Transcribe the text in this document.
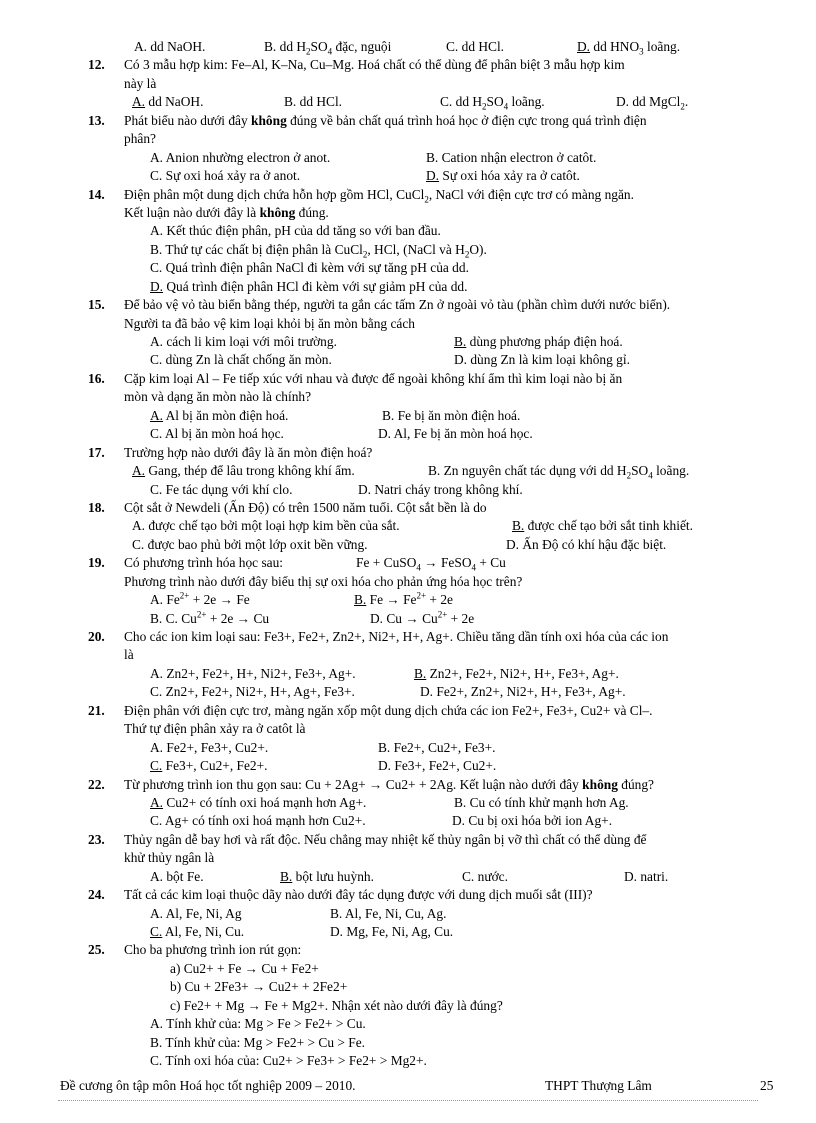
A. dd NaOH.	B. dd $H_2SO_4$ đặc, nguội	C. dd HCl.	D. dd $HNO_3$ loãng.
12. Có 3 mẫu hợp kim: Fe–Al, K–Na, Cu–Mg. Hoá chất có thể dùng để phân biệt 3 mẫu hợp kim
này là
A. dd NaOH.	B. dd HCl.	C. dd $H_2SO_4$ loãng.	D. dd MgCl$_2$.
13. Phát biểu nào dưới đây không đúng về bản chất quá trình hoá học ở điện cực trong quá trình điện
phân?
A. Anion nhường electron ở anot.	B. Cation nhận electron ở catôt.
C. Sự oxi hoá xảy ra ở anot.	D. Sự oxi hóa xảy ra ở catôt.
14. Điện phân một dung dịch chứa hỗn hợp gồm HCl, CuCl$_2$, NaCl với điện cực trơ có màng ngăn.
Kết luận nào dưới đây là không đúng.
A. Kết thúc điện phân, pH của dd tăng so với ban đầu.
B. Thứ tự các chất bị điện phân là CuCl$_2$, HCl, (NaCl và $H_2O$).
C. Quá trình điện phân NaCl đi kèm với sự tăng pH của dd.
D. Quá trình điện phân HCl đi kèm với sự giảm pH của dd.
15. Để bảo vệ vỏ tàu biển bằng thép, người ta gắn các tấm Zn ở ngoài vỏ tàu (phần chìm dưới nước biển).
Người ta đã bảo vệ kim loại khỏi bị ăn mòn bằng cách
A. cách li kim loại với môi trường.	B. dùng phương pháp điện hoá.
C. dùng Zn là chất chống ăn mòn.	D. dùng Zn là kim loại không gỉ.
16. Cặp kim loại Al – Fe tiếp xúc với nhau và được để ngoài không khí ẩm thì kim loại nào bị ăn
mòn và dạng ăn mòn nào là chính?
A. Al bị ăn mòn điện hoá.	B. Fe bị ăn mòn điện hoá.
C. Al bị ăn mòn hoá học.	D. Al, Fe bị ăn mòn hoá học.
17. Trường hợp nào dưới đây là ăn mòn điện hoá?
A. Gang, thép để lâu trong không khí ẩm.	B. Zn nguyên chất tác dụng với dd $H_2SO_4$ loãng.
C. Fe tác dụng với khí clo.	D. Natri cháy trong không khí.
18. Cột sắt ở Newdeli (Ấn Độ) có trên 1500 năm tuổi. Cột sắt bền là do
A. được chế tạo bởi một loại hợp kim bền của sắt.	B. được chế tạo bởi sắt tinh khiết.
C. được bao phủ bởi một lớp oxit bền vững.	D. Ấn Độ có khí hậu đặc biệt.
19. Có phương trình hóa học sau:	Fe + CuSO$_4$ → FeSO$_4$ + Cu
Phương trình nào dưới đây biểu thị sự oxi hóa cho phản ứng hóa học trên?
A. $Fe^{2+} + 2e \to Fe$	B. $Fe \to Fe^{2+} + 2e$
B. C. $Cu^{2+} + 2e \to Cu$	D. $Cu \to Cu^{2+} + 2e$
20. Cho các ion kim loại sau: Fe3+, Fe2+, Zn2+, Ni2+, H+, Ag+. Chiều tăng dần tính oxi hóa của các ion
là
A. Zn2+, Fe2+, H+, Ni2+, Fe3+, Ag+.	B. Zn2+, Fe2+, Ni2+, H+, Fe3+, Ag+.
C. Zn2+, Fe2+, Ni2+, H+, Ag+, Fe3+.	D. Fe2+, Zn2+, Ni2+, H+, Fe3+, Ag+.
21. Điện phân với điện cực trơ, màng ngăn xốp một dung dịch chứa các ion Fe2+, Fe3+, Cu2+ và Cl–.
Thứ tự điện phân xảy ra ở catôt là
A. Fe2+, Fe3+, Cu2+.	B. Fe2+, Cu2+, Fe3+.
C. Fe3+, Cu2+, Fe2+.	D. Fe3+, Fe2+, Cu2+.
22. Từ phương trình ion thu gọn sau: Cu + 2Ag+ → Cu2+ + 2Ag. Kết luận nào dưới đây không đúng?
A. Cu2+ có tính oxi hoá mạnh hơn Ag+.	B. Cu có tính khử mạnh hơn Ag.
C. Ag+ có tính oxi hoá mạnh hơn Cu2+.	D. Cu bị oxi hóa bởi ion Ag+.
23. Thủy ngân dễ bay hơi và rất độc. Nếu chẳng may nhiệt kế thủy ngân bị vỡ thì chất có thể dùng để
khử thủy ngân là
A. bột Fe.	B. bột lưu huỳnh.	C. nước.	D. natri.
24. Tất cả các kim loại thuộc dãy nào dưới đây tác dụng được với dung dịch muối sắt (III)?
A. Al, Fe, Ni, Ag	B. Al, Fe, Ni, Cu, Ag.
C. Al, Fe, Ni, Cu.	D. Mg, Fe, Ni, Ag, Cu.
25. Cho ba phương trình ion rút gọn:
a) Cu2+ + Fe → Cu + Fe2+
b) Cu + 2Fe3+ → Cu2+ + 2Fe2+
c) Fe2+ + Mg → Fe + Mg2+. Nhận xét nào dưới đây là đúng?
A. Tính khử của: Mg > Fe > Fe2+ > Cu.
B. Tính khử của: Mg > Fe2+ > Cu > Fe.
C. Tính oxi hóa của: Cu2+ > Fe3+ > Fe2+ > Mg2+.
Đề cương ôn tập môn Hoá học tốt nghiệp 2009 – 2010.	THPT Thượng Lâm	25
